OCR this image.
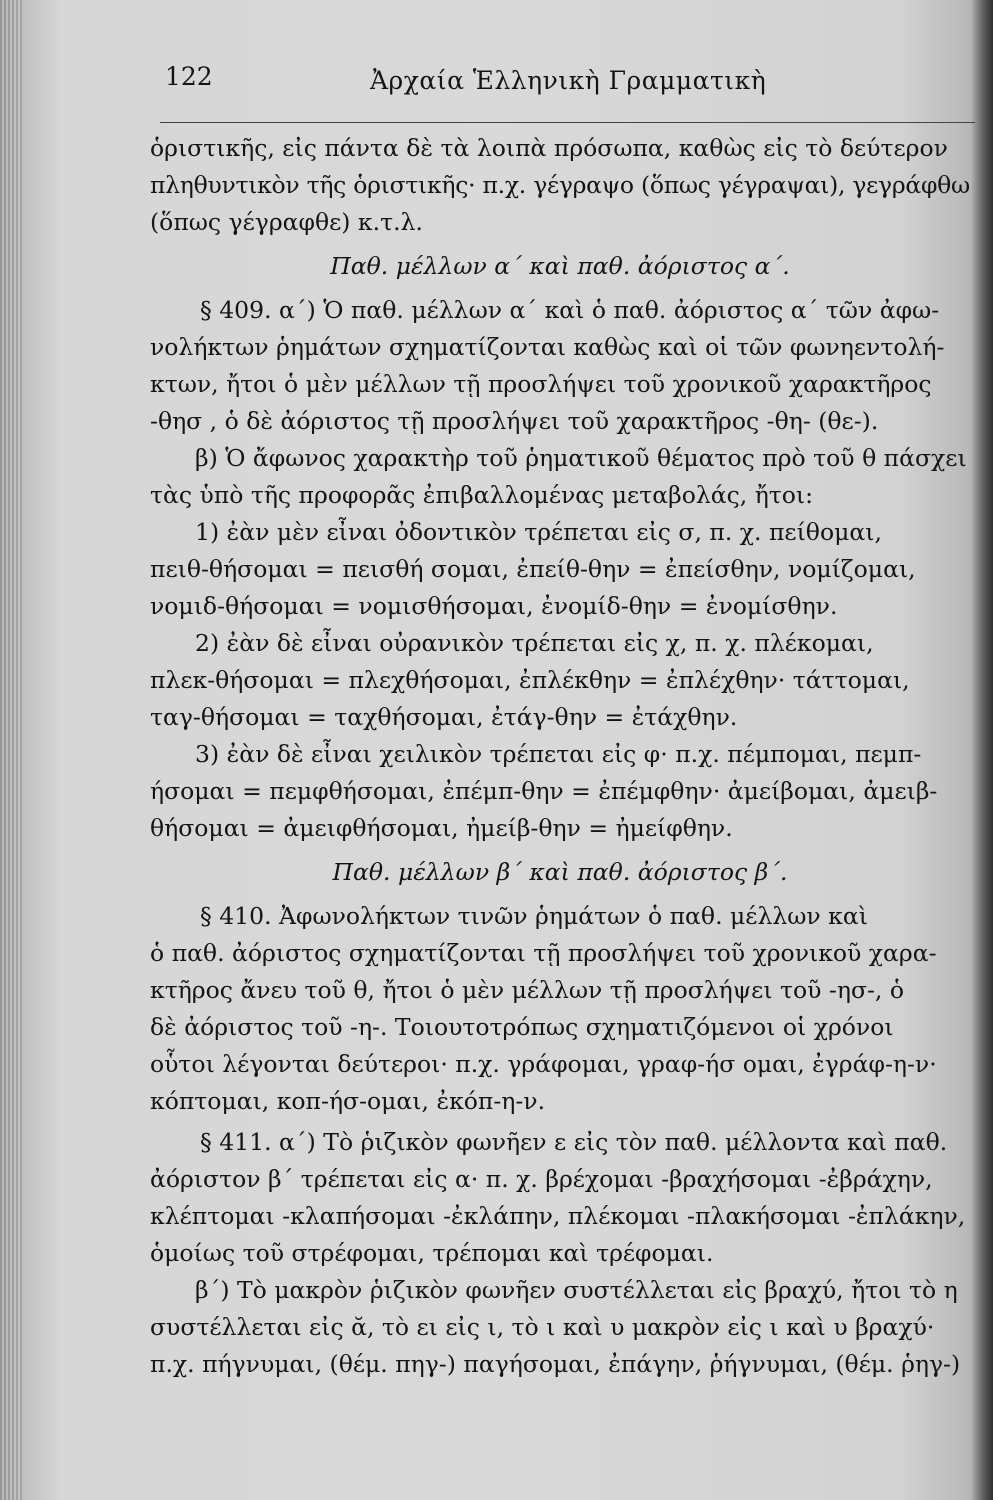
122	Ἀρχαία Ἑλληνικὴ Γραμματικὴ
ὁριστικῆς, εἰς πάντα δὲ τὰ λοιπὰ πρόσωπα, καθὼς εἰς τὸ δεύτερον
πληθυντικὸν τῆς ὁριστικῆς· π.χ. γέγραψο (ὅπως γέγραψαι), γεγράφθω
(ὅπως γέγραφθε) κ.τ.λ.
Παθ. μέλλων α΄ καὶ παθ. ἀόριστος α΄.
§ 409. α΄) Ὁ παθ. μέλλων α΄ καὶ ὁ παθ. ἀόριστος α΄ τῶν ἀφω-
νολήκτων ῥημάτων σχηματίζονται καθὼς καὶ οἱ τῶν φωνηεντολή-
κτων, ἤτοι ὁ μὲν μέλλων τῇ προσλήψει τοῦ χρονικοῦ χαρακτῆρος
-θησ , ὁ δὲ ἀόριστος τῇ προσλήψει τοῦ χαρακτῆρος -θη- (θε-).
β) Ὁ ἄφωνος χαρακτὴρ τοῦ ῥηματικοῦ θέματος πρὸ τοῦ θ πάσχει
τὰς ὑπὸ τῆς προφορᾶς ἐπιβαλλομένας μεταβολάς, ἤτοι:
1) ἐὰν μὲν εἶναι ὀδοντικὸν τρέπεται εἰς σ, π. χ. πείθομαι,
πειθ-θήσομαι = πεισθή σομαι, ἐπείθ-θην = ἐπείσθην, νομίζομαι,
νομιδ-θήσομαι = νομισθήσομαι, ἐνομίδ-θην = ἐνομίσθην.
2) ἐὰν δὲ εἶναι οὐρανικὸν τρέπεται εἰς χ, π. χ. πλέκομαι,
πλεκ-θήσομαι = πλεχθήσομαι, ἐπλέκθην = ἐπλέχθην· τάττομαι,
ταγ-θήσομαι = ταχθήσομαι, ἐτάγ-θην = ἐτάχθην.
3) ἐὰν δὲ εἶναι χειλικὸν τρέπεται εἰς φ· π.χ. πέμπομαι, πεμπ-
ήσομαι = πεμφθήσομαι, ἐπέμπ-θην = ἐπέμφθην· ἀμείβομαι, ἀμειβ-
θήσομαι = ἀμειφθήσομαι, ἠμείβ-θην = ἠμείφθην.
Παθ. μέλλων β΄ καὶ παθ. ἀόριστος β΄.
§ 410. Ἀφωνολήκτων τινῶν ῥημάτων ὁ παθ. μέλλων καὶ
ὁ παθ. ἀόριστος σχηματίζονται τῇ προσλήψει τοῦ χρονικοῦ χαρα-
κτῆρος ἄνευ τοῦ θ, ἤτοι ὁ μὲν μέλλων τῇ προσλήψει τοῦ -ησ-, ὁ
δὲ ἀόριστος τοῦ -η-. Τοιουτοτρόπως σχηματιζόμενοι οἱ χρόνοι
οὗτοι λέγονται δεύτεροι· π.χ. γράφομαι, γραφ-ήσ ομαι, ἐγράφ-η-ν·
κόπτομαι, κοπ-ήσ-ομαι, ἐκόπ-η-ν.
§ 411. α΄) Τὸ ῥιζικὸν φωνῆεν ε εἰς τὸν παθ. μέλλοντα καὶ παθ.
ἀόριστον β΄ τρέπεται εἰς α· π. χ. βρέχομαι -βραχήσομαι -ἐβράχην,
κλέπτομαι -κλαπήσομαι -ἐκλάπην, πλέκομαι -πλακήσομαι -ἐπλάκην,
ὁμοίως τοῦ στρέφομαι, τρέπομαι καὶ τρέφομαι.
β΄) Τὸ μακρὸν ῥιζικὸν φωνῆεν συστέλλεται εἰς βραχύ, ἤτοι τὸ η
συστέλλεται εἰς ᾰ, τὸ ει εἰς ι, τὸ ι καὶ υ μακρὸν εἰς ι καὶ υ βραχύ·
π.χ. πήγνυμαι, (θέμ. πηγ-) παγήσομαι, ἐπάγην, ῥήγνυμαι, (θέμ. ῥηγ-)
